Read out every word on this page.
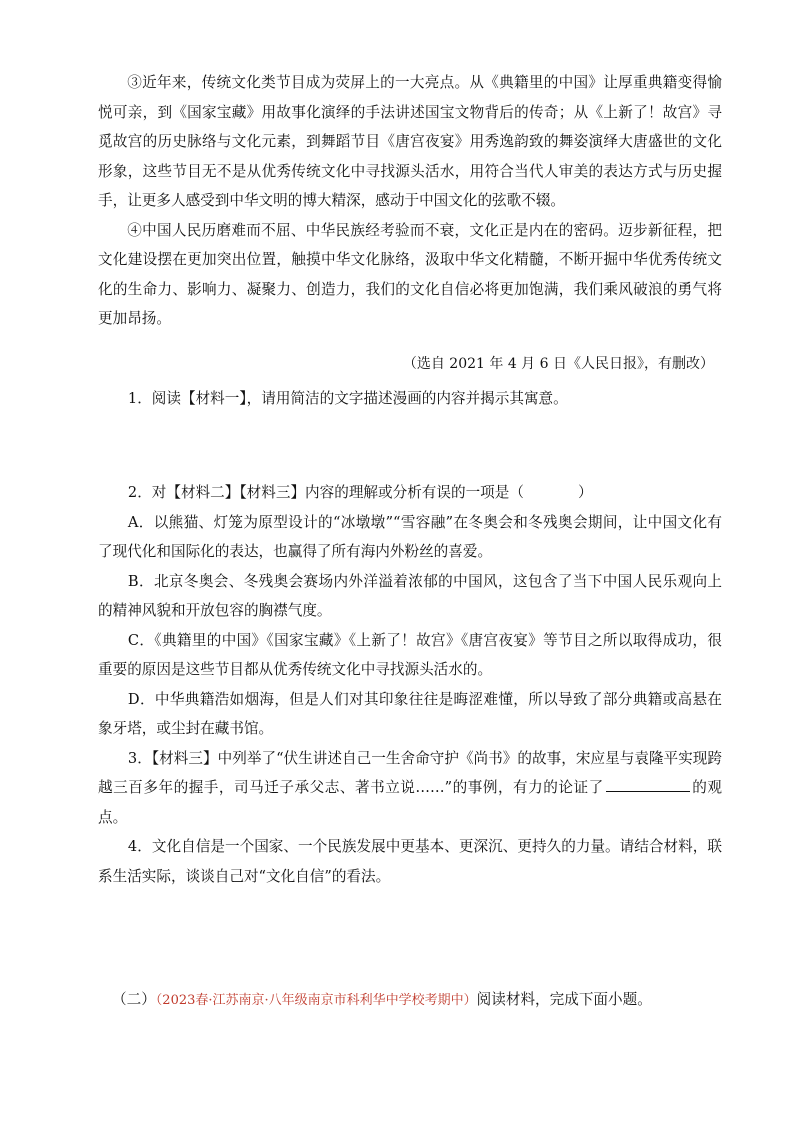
③近年来，传统文化类节目成为荧屏上的一大亮点。从《典籍里的中国》让厚重典籍变得愉悦可亲，到《国家宝藏》用故事化演绎的手法讲述国宝文物背后的传奇；从《上新了！故宫》寻觅故宫的历史脉络与文化元素，到舞蹈节目《唐宫夜宴》用秀逸韵致的舞姿演绎大唐盛世的文化形象，这些节目无不是从优秀传统文化中寻找源头活水，用符合当代人审美的表达方式与历史握手，让更多人感受到中华文明的博大精深，感动于中国文化的弦歌不辍。

④中国人民历磨难而不屈、中华民族经考验而不衰，文化正是内在的密码。迈步新征程，把文化建设摆在更加突出位置，触摸中华文化脉络，汲取中华文化精髓，不断开掘中华优秀传统文化的生命力、影响力、凝聚力、创造力，我们的文化自信必将更加饱满，我们乘风破浪的勇气将更加昂扬。

（选自 2021 年 4 月 6 日《人民日报》，有删改）

1．阅读【材料一】，请用简洁的文字描述漫画的内容并揭示其寓意。

2．对【材料二】【材料三】内容的理解或分析有误的一项是（	）

A．以熊猫、灯笼为原型设计的“冰墩墩”“雪容融”在冬奥会和冬残奥会期间，让中国文化有了现代化和国际化的表达，也赢得了所有海内外粉丝的喜爱。

B．北京冬奥会、冬残奥会赛场内外洋溢着浓郁的中国风，这包含了当下中国人民乐观向上的精神风貌和开放包容的胸襟气度。

C．《典籍里的中国》《国家宝藏》《上新了！故宫》《唐宫夜宴》等节目之所以取得成功，很重要的原因是这些节目都从优秀传统文化中寻找源头活水的。

D．中华典籍浩如烟海，但是人们对其印象往往是晦涩难懂，所以导致了部分典籍或高悬在象牙塔，或尘封在藏书馆。

3．【材料三】中列举了“伏生讲述自己一生舍命守护《尚书》的故事，宋应星与袁隆平实现跨越三百多年的握手，司马迁子承父志、著书立说……”的事例，有力的论证了	的观点。

4．文化自信是一个国家、一个民族发展中更基本、更深沉、更持久的力量。请结合材料，联系生活实际，谈谈自己对“文化自信”的看法。

（二）（2023春·江苏南京·八年级南京市科利华中学校考期中）阅读材料，完成下面小题。
